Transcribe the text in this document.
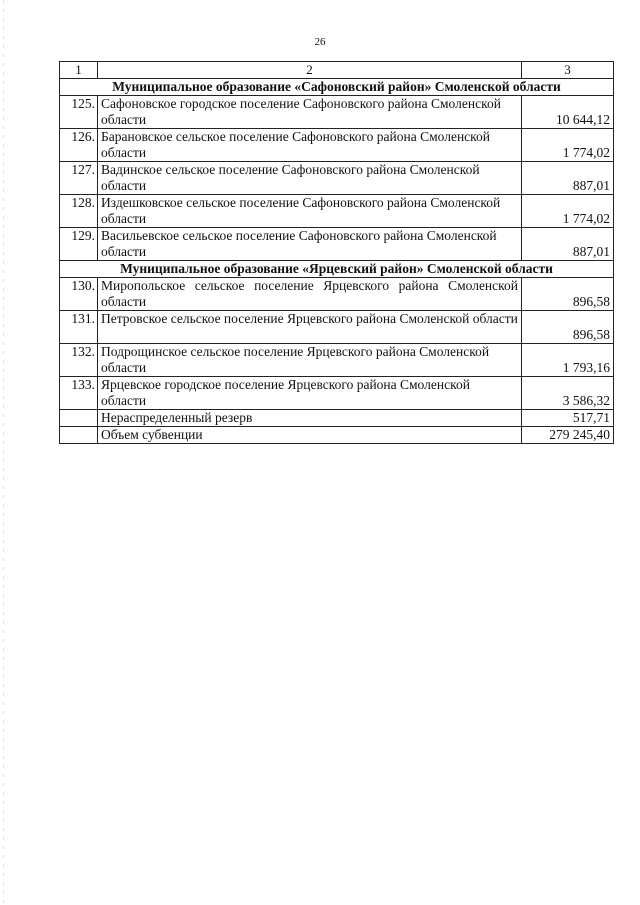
26
1	2	3
Муниципальное образование «Сафоновский район» Смоленской области		
125.	Сафоновское городское поселение Сафоновского района Смоленской области	10 644,12
126.	Барановское сельское поселение Сафоновского района Смоленской области	1 774,02
127.	Вадинское сельское поселение Сафоновского района Смоленской области	887,01
128.	Издешковское сельское поселение Сафоновского района Смоленской области	1 774,02
129.	Васильевское сельское поселение Сафоновского района Смоленской области	887,01
Муниципальное образование «Ярцевский район» Смоленской области		
130.	Миропольское сельское поселение Ярцевского района Смоленской области	896,58
131.	Петровское сельское поселение Ярцевского района Смоленской области	896,58
132.	Подрощинское сельское поселение Ярцевского района Смоленской области	1 793,16
133.	Ярцевское городское поселение Ярцевского района Смоленской области	3 586,32
	Нераспределенный резерв	517,71
	Объем субвенции	279 245,40
